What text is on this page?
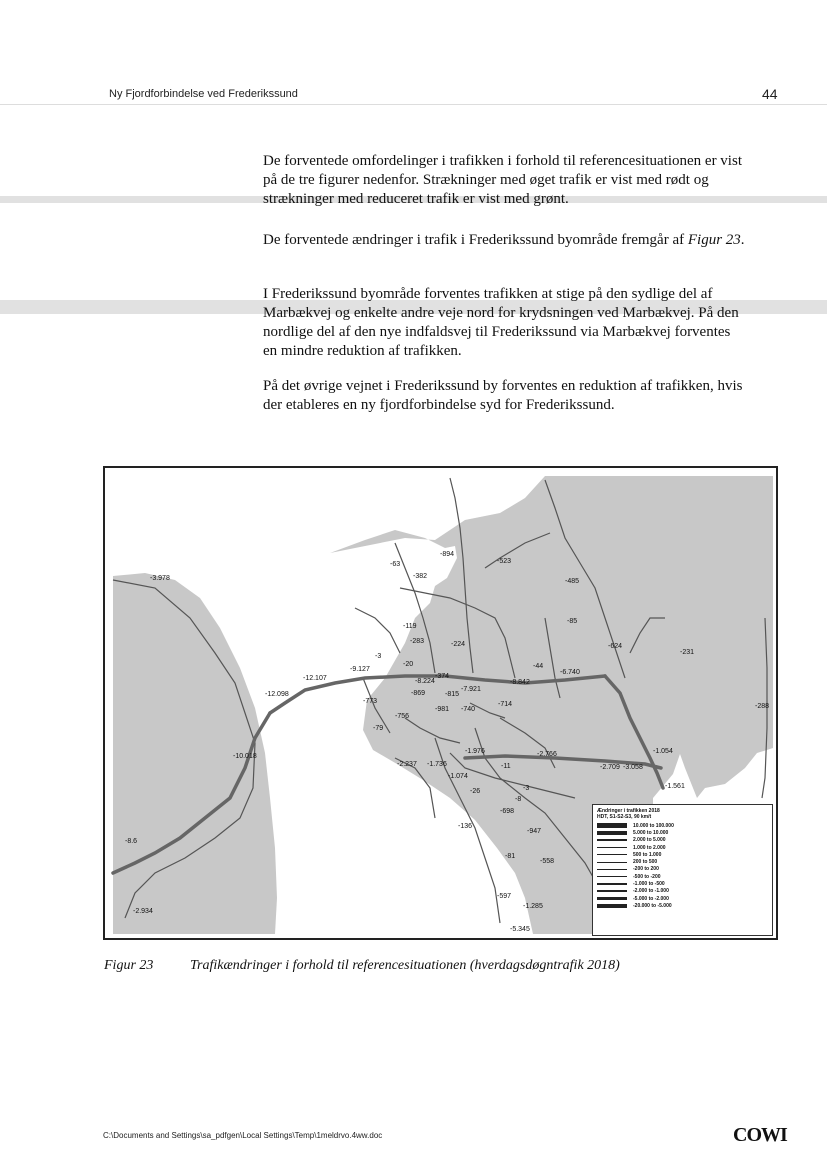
Ny Fjordforbindelse ved Frederikssund	44

De forventede omfordelinger i trafikken i forhold til referencesituationen er vist
på de tre figurer nedenfor. Strækninger med øget trafik er vist med rødt og
strækninger med reduceret trafik er vist med grønt.

De forventede ændringer i trafik i Frederikssund byområde fremgår af Figur 23.

I Frederikssund byområde forventes trafikken at stige på den sydlige del af
Marbækvej og enkelte andre veje nord for krydsningen ved Marbækvej. På den
nordlige del af den nye indfaldsvej til Frederikssund via Marbækvej forventes
en mindre reduktion af trafikken.

På det øvrige vejnet i Frederikssund by forventes en reduktion af trafikken, hvis
der etableres en ny fjordforbindelse syd for Frederikssund.

-3.978
-12.098
-12.107
-9.127
-10.018
-8.6
-2.934
-894
-523
-63
-382
-3
-283	-224
-119
-20
-8.224
-374
-7.921
-8.842
-44
-6.740
-85
-624
-485
-231
-773
-756
-869	-815
-981 -740
-714
-1.976	-2.766
-2.709 -3.058
-1.054
-1.561
-288
-2.237 -1.736
-1.074
-11
-3
-26
-136
-698
-947
-81
-558
-597
-1.285
-5.345
-79
-8
Ændringer i trafikken 2018
HDT, S1-S2-S3, 90 km/t
10.000 to 100.000
5.000 to 10.000
2.000 to 5.000
1.000 to 2.000
500 to 1.000
200 to 500
-200 to 200
-500 to -200
-1.000 to -500
-2.000 to -1.000
-5.000 to -2.000
-20.000 to -5.000
Figur 23	Trafikændringer i forhold til referencesituationen (hverdagsdøgntrafik 2018)
C:\Documents and Settings\sa_pdfgen\Local Settings\Temp\1meldrvo.4ww.doc	COWI
